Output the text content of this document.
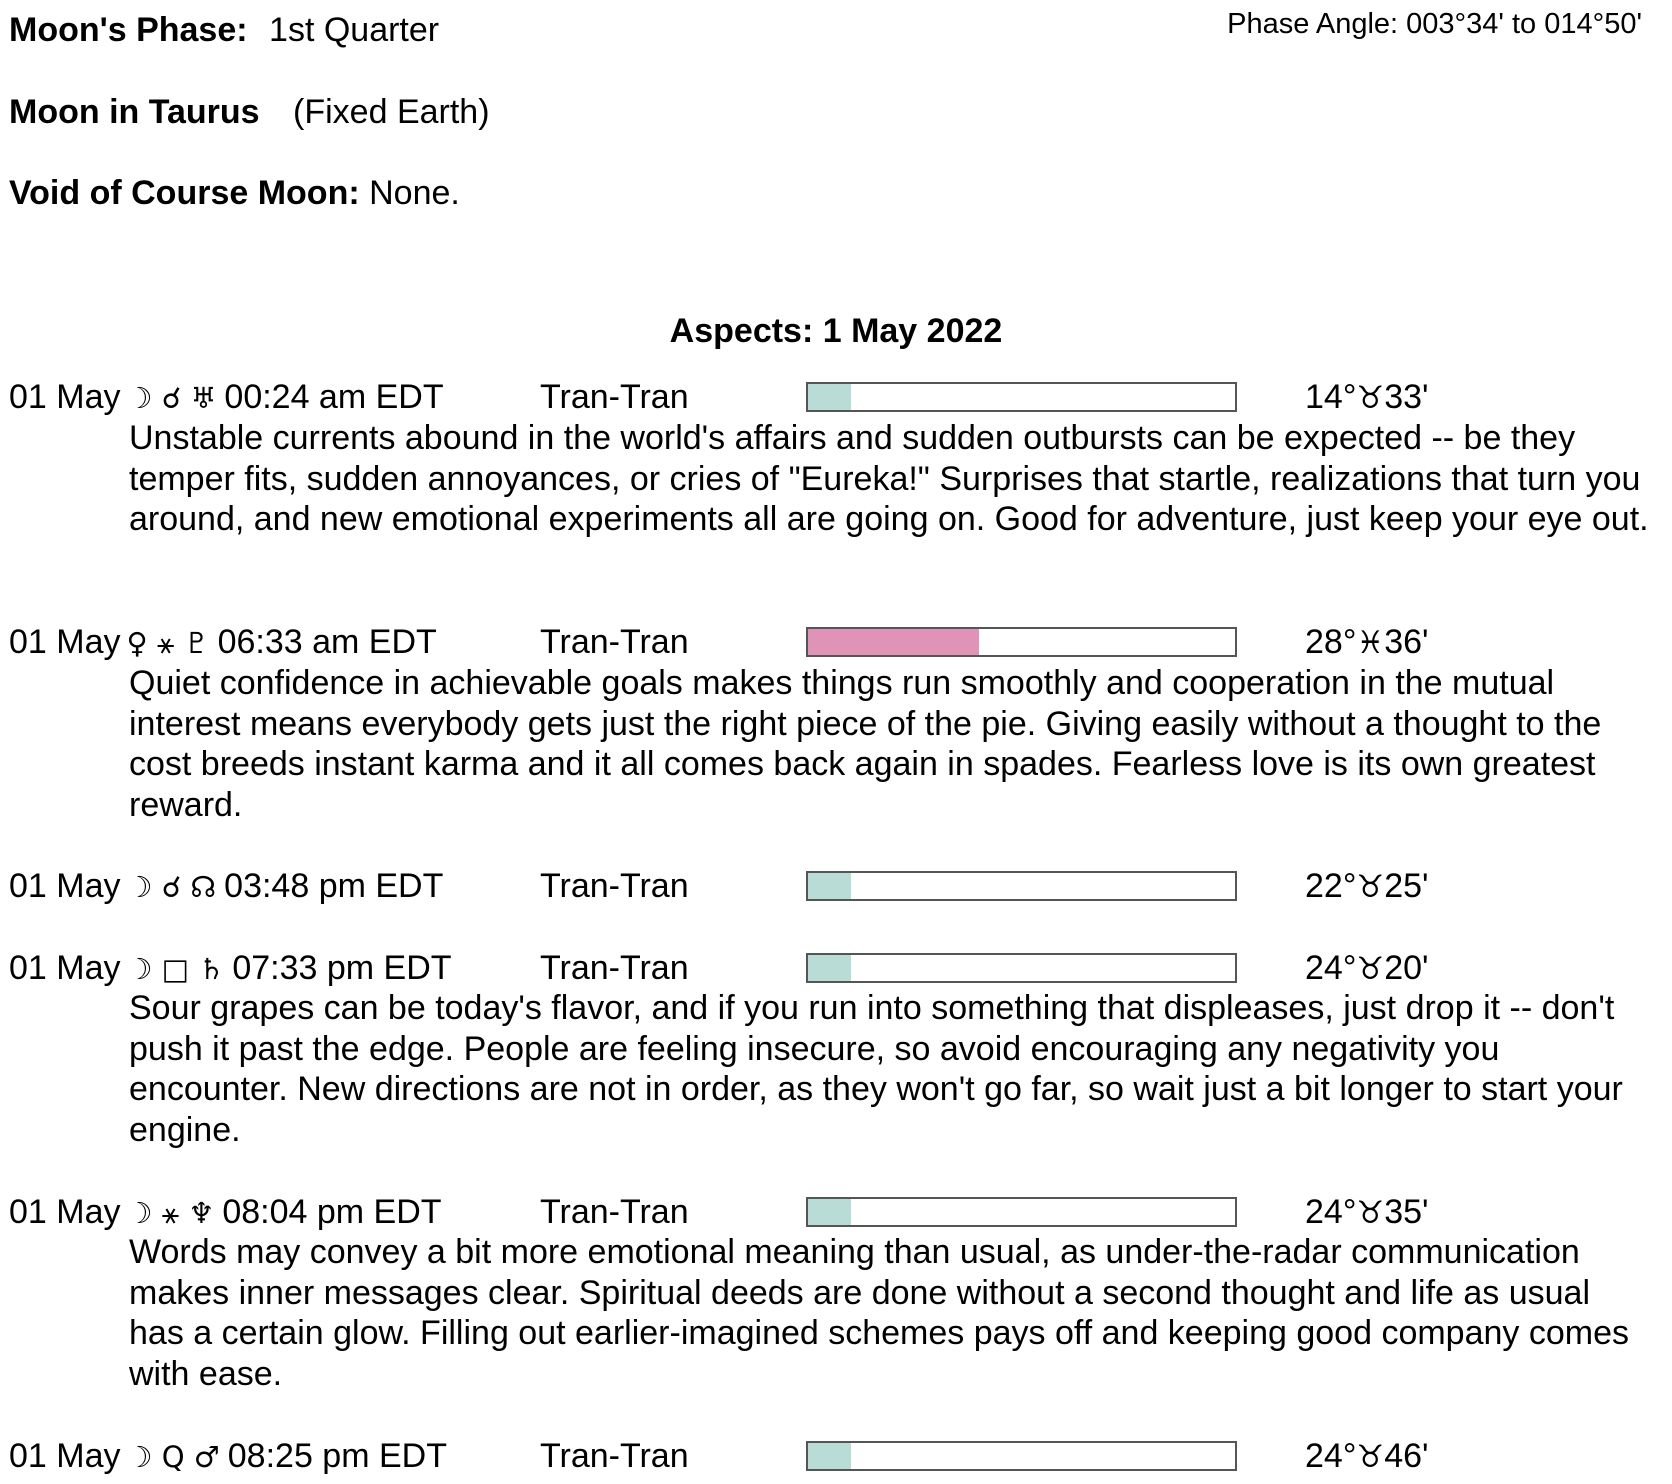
Moon's Phase: 1st Quarter	Phase Angle: 003°34' to 014°50'
Moon in Taurus (Fixed Earth)
Void of Course Moon: None.
Aspects: 1 May 2022
01 May ☽ ☌ ♅ 00:24 am EDT	Tran-Tran	14°♉33'
Unstable currents abound in the world's affairs and sudden outbursts can be expected -- be they temper fits, sudden annoyances, or cries of "Eureka!" Surprises that startle, realizations that turn you around, and new emotional experiments all are going on. Good for adventure, just keep your eye out.
01 May ♀ ⚹ ♇ 06:33 am EDT	Tran-Tran	28°♓36'
Quiet confidence in achievable goals makes things run smoothly and cooperation in the mutual interest means everybody gets just the right piece of the pie. Giving easily without a thought to the cost breeds instant karma and it all comes back again in spades. Fearless love is its own greatest reward.
01 May ☽ ☌ ☊ 03:48 pm EDT	Tran-Tran	22°♉25'
01 May ☽ □ ♄ 07:33 pm EDT	Tran-Tran	24°♉20'
Sour grapes can be today's flavor, and if you run into something that displeases, just drop it -- don't push it past the edge. People are feeling insecure, so avoid encouraging any negativity you encounter. New directions are not in order, as they won't go far, so wait just a bit longer to start your engine.
01 May ☽ ⚹ ♆ 08:04 pm EDT	Tran-Tran	24°♉35'
Words may convey a bit more emotional meaning than usual, as under-the-radar communication makes inner messages clear. Spiritual deeds are done without a second thought and life as usual has a certain glow. Filling out earlier-imagined schemes pays off and keeping good company comes with ease.
01 May ☽ Q ♂ 08:25 pm EDT	Tran-Tran	24°♉46'
